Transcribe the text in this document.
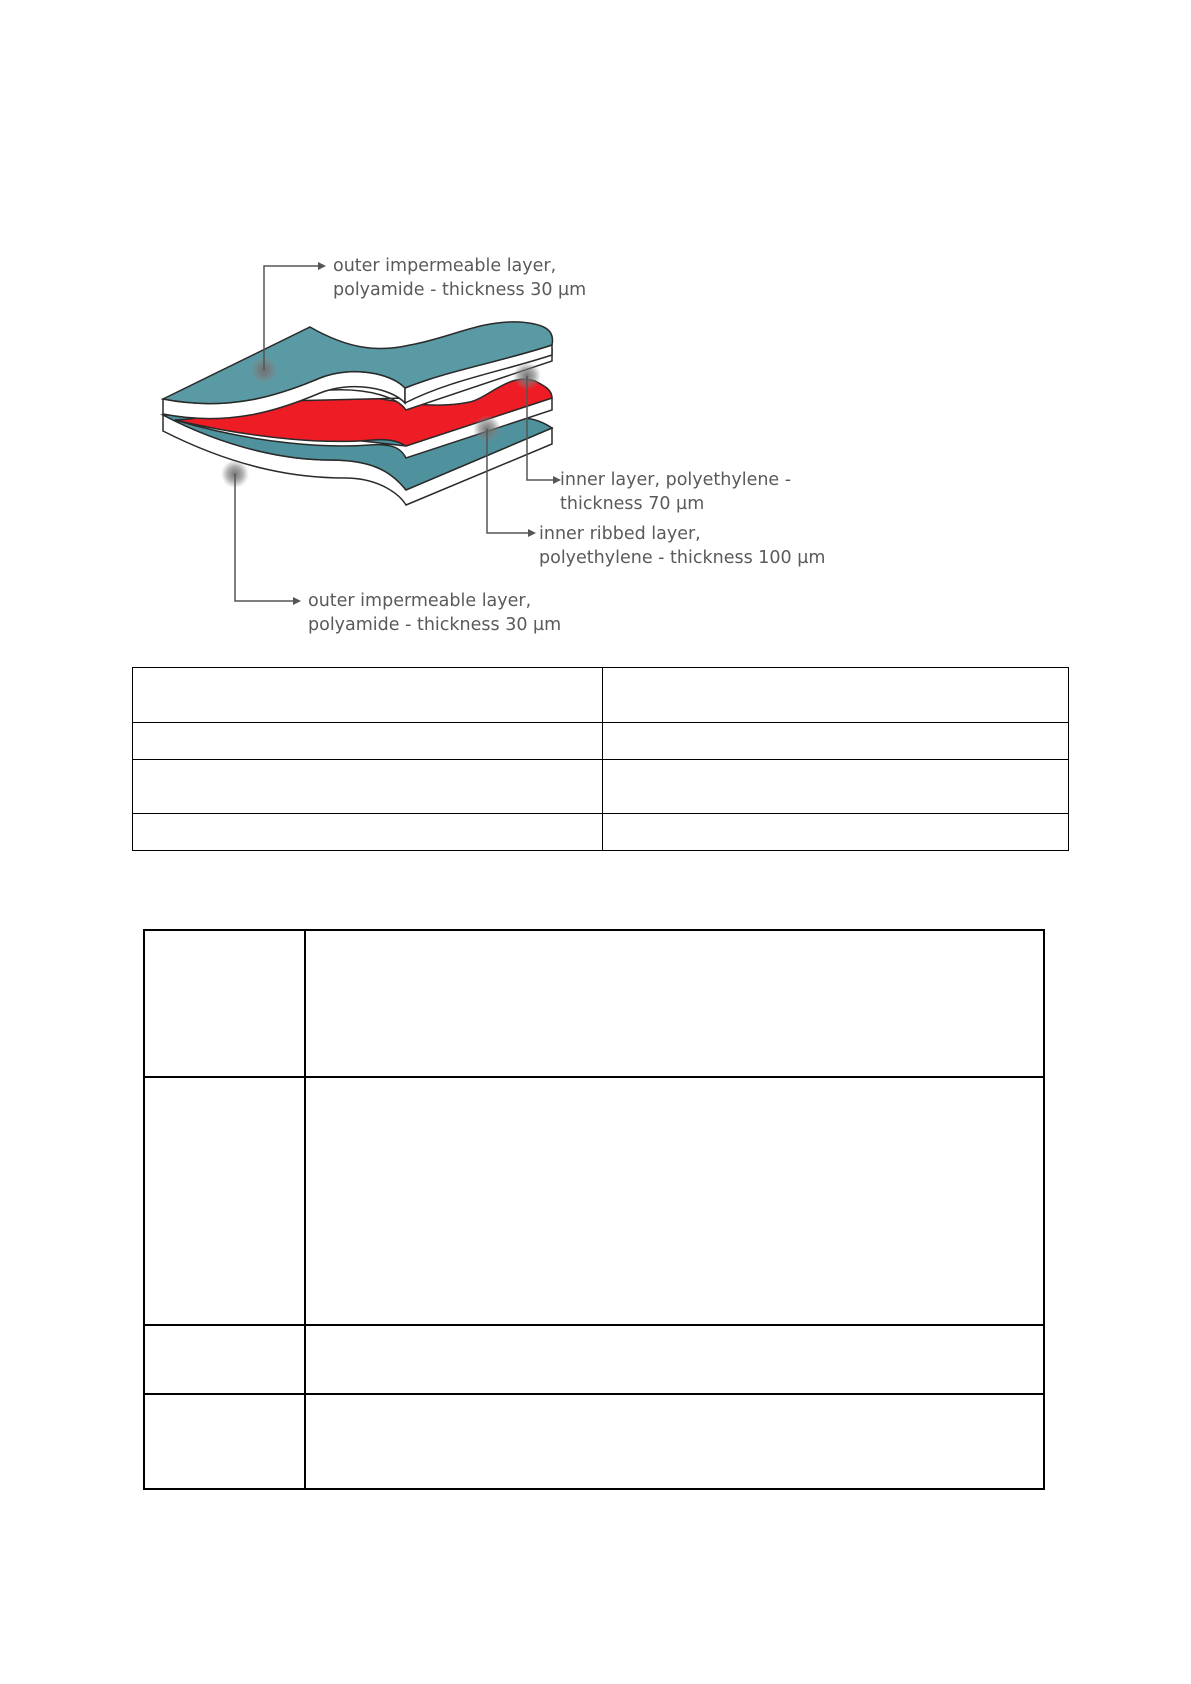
outer impermeable layer,
polyamide - thickness 30 µm
inner layer, polyethylene -
thickness 70 µm
inner ribbed layer,
polyethylene - thickness 100 µm
outer impermeable layer,
polyamide - thickness 30 µm
